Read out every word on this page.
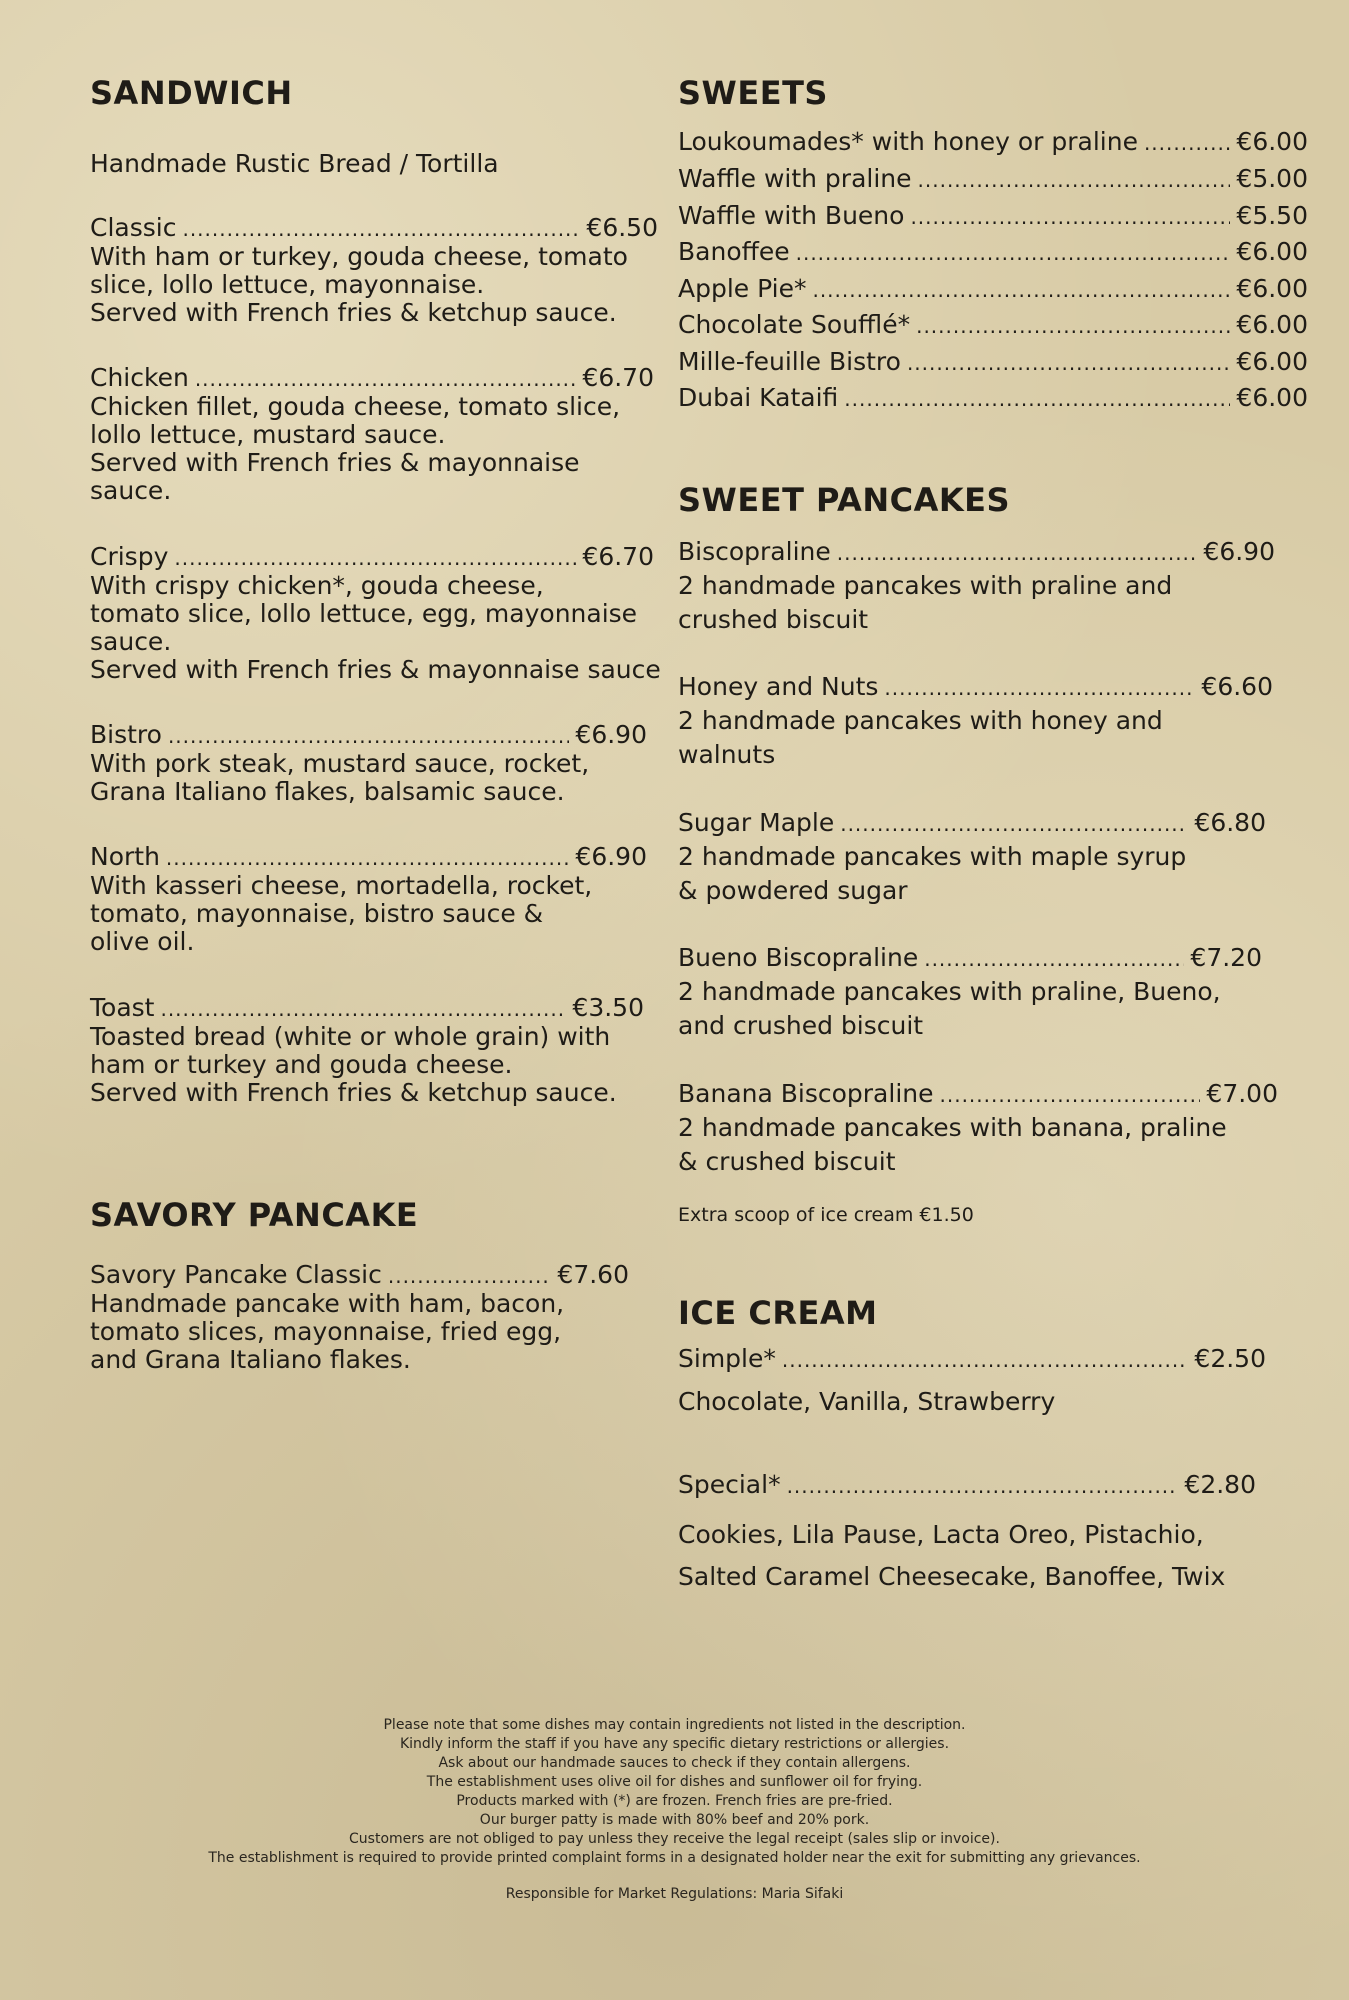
SANDWICH
Handmade Rustic Bread / Tortilla
Classic .....	€6.50
With ham or turkey, gouda cheese, tomato
slice, lollo lettuce, mayonnaise.
Served with French fries & ketchup sauce.
Chicken .....	€6.70
Chicken fillet, gouda cheese, tomato slice,
lollo lettuce, mustard sauce.
Served with French fries & mayonnaise
sauce.
Crispy .....	€6.70
With crispy chicken*, gouda cheese,
tomato slice, lollo lettuce, egg, mayonnaise
sauce.
Served with French fries & mayonnaise sauce
Bistro .....	€6.90
With pork steak, mustard sauce, rocket,
Grana Italiano flakes, balsamic sauce.
North .....	€6.90
With kasseri cheese, mortadella, rocket,
tomato, mayonnaise, bistro sauce &
olive oil.
Toast .....	€3.50
Toasted bread (white or whole grain) with
ham or turkey and gouda cheese.
Served with French fries & ketchup sauce.
SAVORY PANCAKE
Savory Pancake Classic .....	€7.60
Handmade pancake with ham, bacon,
tomato slices, mayonnaise, fried egg,
and Grana Italiano flakes.
SWEETS
Loukoumades* with honey or praline .....	€6.00
Waffle with praline .....	€5.00
Waffle with Bueno .....	€5.50
Banoffee .....	€6.00
Apple Pie* .....	€6.00
Chocolate Soufflé* .....	€6.00
Mille-feuille Bistro .....	€6.00
Dubai Kataifi .....	€6.00
SWEET PANCAKES
Biscopraline .....	€6.90
2 handmade pancakes with praline and
crushed biscuit
Honey and Nuts .....	€6.60
2 handmade pancakes with honey and
walnuts
Sugar Maple .....	€6.80
2 handmade pancakes with maple syrup
& powdered sugar
Bueno Biscopraline .....	€7.20
2 handmade pancakes with praline, Bueno,
and crushed biscuit
Banana Biscopraline .....	€7.00
2 handmade pancakes with banana, praline
& crushed biscuit
Extra scoop of ice cream €1.50
ICE CREAM
Simple* .....	€2.50
Chocolate, Vanilla, Strawberry
Special* .....	€2.80
Cookies, Lila Pause, Lacta Oreo, Pistachio,
Salted Caramel Cheesecake, Banoffee, Twix
Please note that some dishes may contain ingredients not listed in the description.
Kindly inform the staff if you have any specific dietary restrictions or allergies.
Ask about our handmade sauces to check if they contain allergens.
The establishment uses olive oil for dishes and sunflower oil for frying.
Products marked with (*) are frozen. French fries are pre-fried.
Our burger patty is made with 80% beef and 20% pork.
Customers are not obliged to pay unless they receive the legal receipt (sales slip or invoice).
The establishment is required to provide printed complaint forms in a designated holder near the exit for submitting any grievances.
Responsible for Market Regulations: Maria Sifaki
